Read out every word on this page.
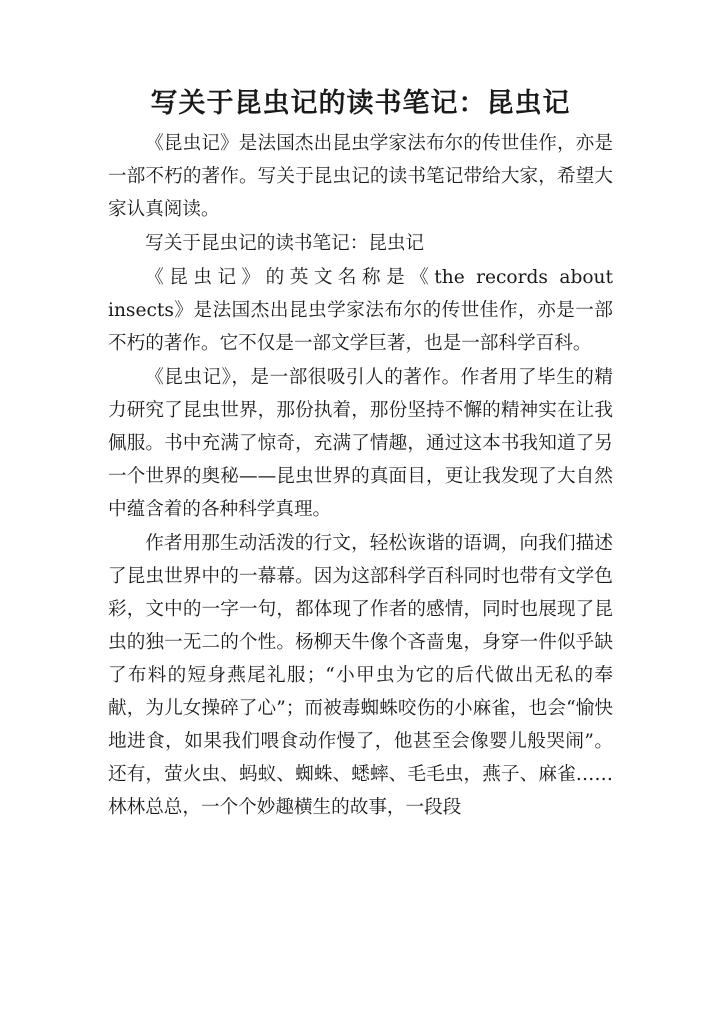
写关于昆虫记的读书笔记：昆虫记

《昆虫记》是法国杰出昆虫学家法布尔的传世佳作，亦是一部不朽的著作。写关于昆虫记的读书笔记带给大家，希望大家认真阅读。

写关于昆虫记的读书笔记：昆虫记

《昆虫记》的英文名称是《the records about insects》是法国杰出昆虫学家法布尔的传世佳作，亦是一部不朽的著作。它不仅是一部文学巨著，也是一部科学百科。

《昆虫记》，是一部很吸引人的著作。作者用了毕生的精力研究了昆虫世界，那份执着，那份坚持不懈的精神实在让我佩服。书中充满了惊奇，充满了情趣，通过这本书我知道了另一个世界的奥秘——昆虫世界的真面目，更让我发现了大自然中蕴含着的各种科学真理。

作者用那生动活泼的行文，轻松诙谐的语调，向我们描述了昆虫世界中的一幕幕。因为这部科学百科同时也带有文学色彩，文中的一字一句，都体现了作者的感情，同时也展现了昆虫的独一无二的个性。杨柳天牛像个吝啬鬼，身穿一件似乎缺了布料的短身燕尾礼服；“小甲虫为它的后代做出无私的奉献，为儿女操碎了心”；而被毒蜘蛛咬伤的小麻雀，也会“愉快地进食，如果我们喂食动作慢了，他甚至会像婴儿般哭闹”。还有，萤火虫、蚂蚁、蜘蛛、蟋蟀、毛毛虫，燕子、麻雀……林林总总，一个个妙趣横生的故事，一段段
